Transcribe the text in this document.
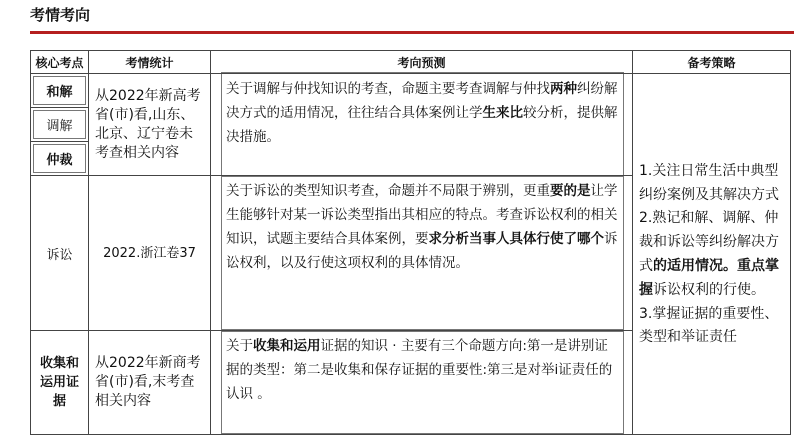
考情考向
核心考点	考情统计	考向预测	备考策略

和解	从2022年新高考省(市)看,山东、北京、辽宁卷未考查相关内容	关于调解与仲找知识的考查，命题主要考查调解与仲找两种纠纷解决方式的适用情况，往往结合具体案例让学生来比较分析，提供解决措施。	1.关注日常生活中典型纠纷案例及其解决方式
2.熟记和解、调解、仲裁和诉讼等纠纷解决方式的适用情况。重点掌握诉讼权利的行使。
3.掌握证据的重要性、类型和举证责任

调解			

仲裁			

诉讼	2022.浙江卷37	关于诉讼的类型知识考查，命题并不局限于辨别，更重要的是让学生能够针对某一诉讼类型指出其相应的特点。考查诉讼权利的相关知识，试题主要结合具体案例，要求分析当事人具体行使了哪个诉讼权利，以及行使这项权利的具体情况。	

收集和运用证据	从2022年新商考省(市)看,末考查相关内容	关于收集和运用证据的知识 · 主要有三个命题方向:第一是讲别证据的类型：第二是收集和保存证据的重要性:第三是对举i证责任的认识 。	
